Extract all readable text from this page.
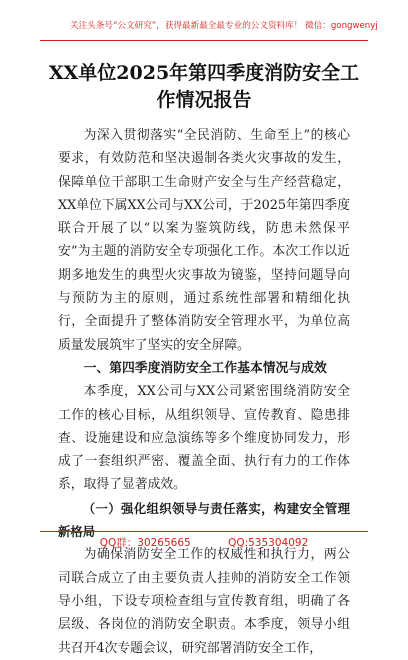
关注头条号“公文研究”，获得最新最全最专业的公文资料库！ 微信：gongwenyj
XX单位2025年第四季度消防安全工作情况报告

为深入贯彻落实“全民消防、生命至上”的核心要求，有效防范和坚决遏制各类火灾事故的发生，保障单位干部职工生命财产安全与生产经营稳定，XX单位下属XX公司与XX公司，于2025年第四季度联合开展了以“以案为鉴筑防线，防患未然保平安”为主题的消防安全专项强化工作。本次工作以近期多地发生的典型火灾事故为镜鉴，坚持问题导向与预防为主的原则，通过系统性部署和精细化执行，全面提升了整体消防安全管理水平，为单位高质量发展筑牢了坚实的安全屏障。

一、第四季度消防安全工作基本情况与成效

本季度，XX公司与XX公司紧密围绕消防安全工作的核心目标，从组织领导、宣传教育、隐患排查、设施建设和应急演练等多个维度协同发力，形成了一套组织严密、覆盖全面、执行有力的工作体系，取得了显著成效。

（一）强化组织领导与责任落实，构建安全管理新格局

为确保消防安全工作的权威性和执行力，两公司联合成立了由主要负责人挂帅的消防安全工作领导小组，下设专项检查组与宣传教育组，明确了各层级、各岗位的消防安全职责。本季度，领导小组共召开4次专题会议，研究部署消防安全工作，

QQ群：30265665	QQ:535304092
